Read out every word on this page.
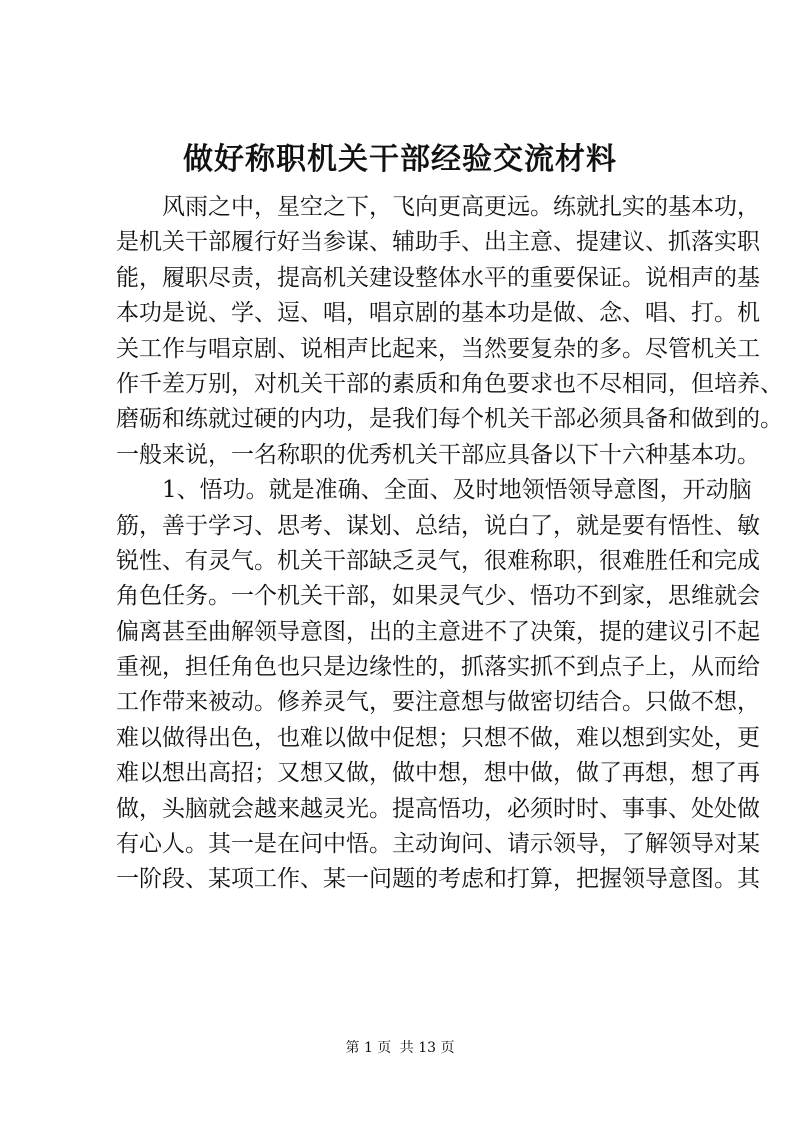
做好称职机关干部经验交流材料
风雨之中，星空之下，飞向更高更远。练就扎实的基本功，
是机关干部履行好当参谋、辅助手、出主意、提建议、抓落实职
能，履职尽责，提高机关建设整体水平的重要保证。说相声的基
本功是说、学、逗、唱，唱京剧的基本功是做、念、唱、打。机
关工作与唱京剧、说相声比起来，当然要复杂的多。尽管机关工
作千差万别，对机关干部的素质和角色要求也不尽相同，但培养、
磨砺和练就过硬的内功，是我们每个机关干部必须具备和做到的。
一般来说，一名称职的优秀机关干部应具备以下十六种基本功。
1、悟功。就是准确、全面、及时地领悟领导意图，开动脑
筋，善于学习、思考、谋划、总结，说白了，就是要有悟性、敏
锐性、有灵气。机关干部缺乏灵气，很难称职，很难胜任和完成
角色任务。一个机关干部，如果灵气少、悟功不到家，思维就会
偏离甚至曲解领导意图，出的主意进不了决策，提的建议引不起
重视，担任角色也只是边缘性的，抓落实抓不到点子上，从而给
工作带来被动。修养灵气，要注意想与做密切结合。只做不想，
难以做得出色，也难以做中促想；只想不做，难以想到实处，更
难以想出高招；又想又做，做中想，想中做，做了再想，想了再
做，头脑就会越来越灵光。提高悟功，必须时时、事事、处处做
有心人。其一是在问中悟。主动询问、请示领导，了解领导对某
一阶段、某项工作、某一问题的考虑和打算，把握领导意图。其
第 1 页 共 13 页
